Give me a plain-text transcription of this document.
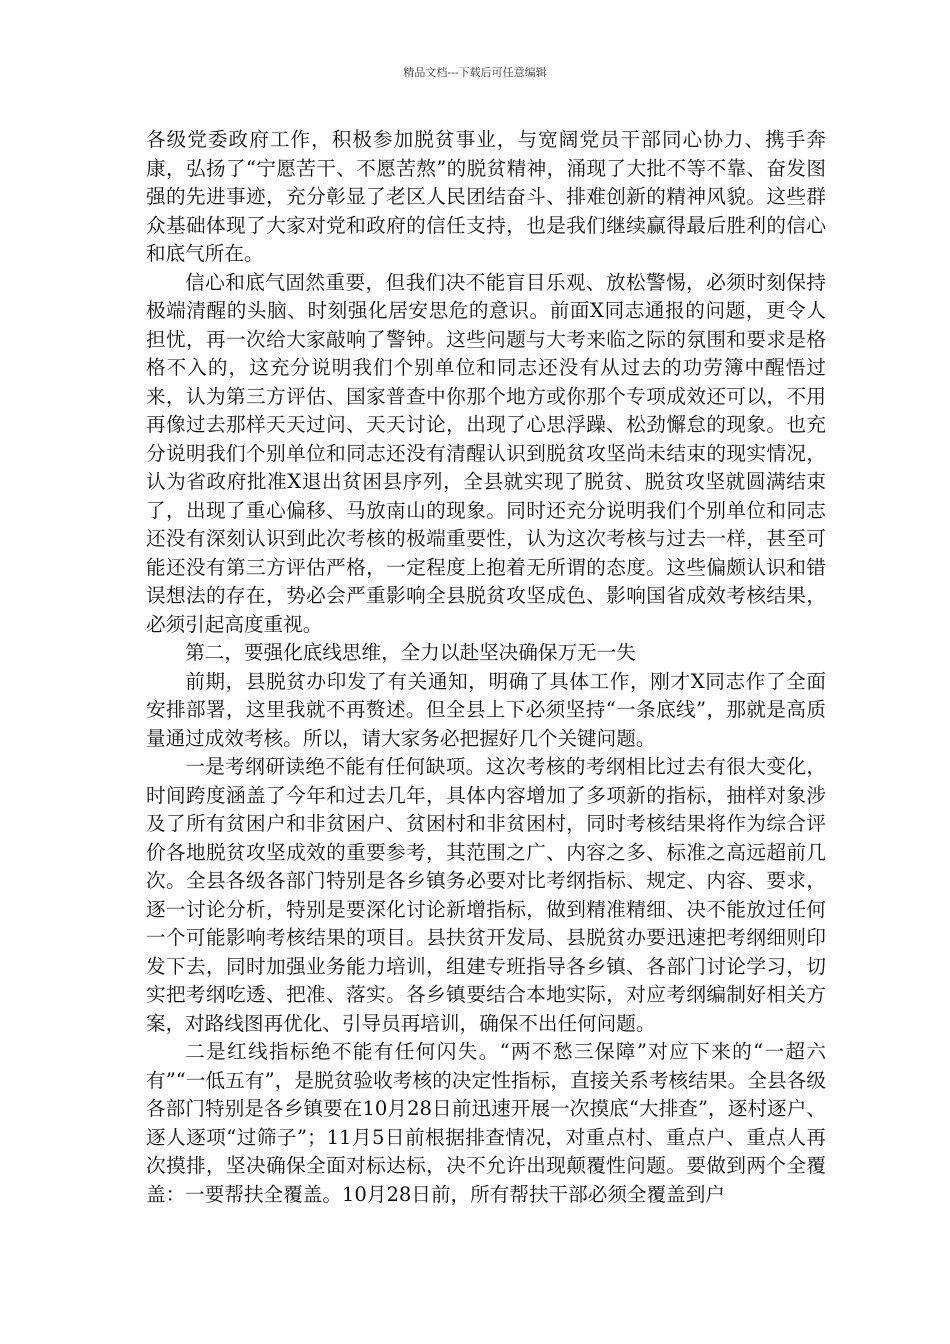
精品文档---下载后可任意编辑

各级党委政府工作，积极参加脱贫事业，与宽阔党员干部同心协力、携手奔康，弘扬了“宁愿苦干、不愿苦熬”的脱贫精神，涌现了大批不等不靠、奋发图强的先进事迹，充分彰显了老区人民团结奋斗、排难创新的精神风貌。这些群众基础体现了大家对党和政府的信任支持，也是我们继续赢得最后胜利的信心和底气所在。

信心和底气固然重要，但我们决不能盲目乐观、放松警惕，必须时刻保持极端清醒的头脑、时刻强化居安思危的意识。前面X同志通报的问题，更令人担忧，再一次给大家敲响了警钟。这些问题与大考来临之际的氛围和要求是格格不入的，这充分说明我们个别单位和同志还没有从过去的功劳簿中醒悟过来，认为第三方评估、国家普查中你那个地方或你那个专项成效还可以，不用再像过去那样天天过问、天天讨论，出现了心思浮躁、松劲懈怠的现象。也充分说明我们个别单位和同志还没有清醒认识到脱贫攻坚尚未结束的现实情况，认为省政府批准X退出贫困县序列，全县就实现了脱贫、脱贫攻坚就圆满结束了，出现了重心偏移、马放南山的现象。同时还充分说明我们个别单位和同志还没有深刻认识到此次考核的极端重要性，认为这次考核与过去一样，甚至可能还没有第三方评估严格，一定程度上抱着无所谓的态度。这些偏颇认识和错误想法的存在，势必会严重影响全县脱贫攻坚成色、影响国省成效考核结果，必须引起高度重视。

第二，要强化底线思维，全力以赴坚决确保万无一失

前期，县脱贫办印发了有关通知，明确了具体工作，刚才X同志作了全面安排部署，这里我就不再赘述。但全县上下必须坚持“一条底线”，那就是高质量通过成效考核。所以，请大家务必把握好几个关键问题。

一是考纲研读绝不能有任何缺项。这次考核的考纲相比过去有很大变化，时间跨度涵盖了今年和过去几年，具体内容增加了多项新的指标，抽样对象涉及了所有贫困户和非贫困户、贫困村和非贫困村，同时考核结果将作为综合评价各地脱贫攻坚成效的重要参考，其范围之广、内容之多、标准之高远超前几次。全县各级各部门特别是各乡镇务必要对比考纲指标、规定、内容、要求，逐一讨论分析，特别是要深化讨论新增指标，做到精准精细、决不能放过任何一个可能影响考核结果的项目。县扶贫开发局、县脱贫办要迅速把考纲细则印发下去，同时加强业务能力培训，组建专班指导各乡镇、各部门讨论学习，切实把考纲吃透、把准、落实。各乡镇要结合本地实际，对应考纲编制好相关方案，对路线图再优化、引导员再培训，确保不出任何问题。

二是红线指标绝不能有任何闪失。“两不愁三保障”对应下来的“一超六有”“一低五有”，是脱贫验收考核的决定性指标，直接关系考核结果。全县各级各部门特别是各乡镇要在10月28日前迅速开展一次摸底“大排查”，逐村逐户、逐人逐项“过筛子”；11月5日前根据排查情况，对重点村、重点户、重点人再次摸排，坚决确保全面对标达标，决不允许出现颠覆性问题。要做到两个全覆盖：一要帮扶全覆盖。10月28日前，所有帮扶干部必须全覆盖到户
